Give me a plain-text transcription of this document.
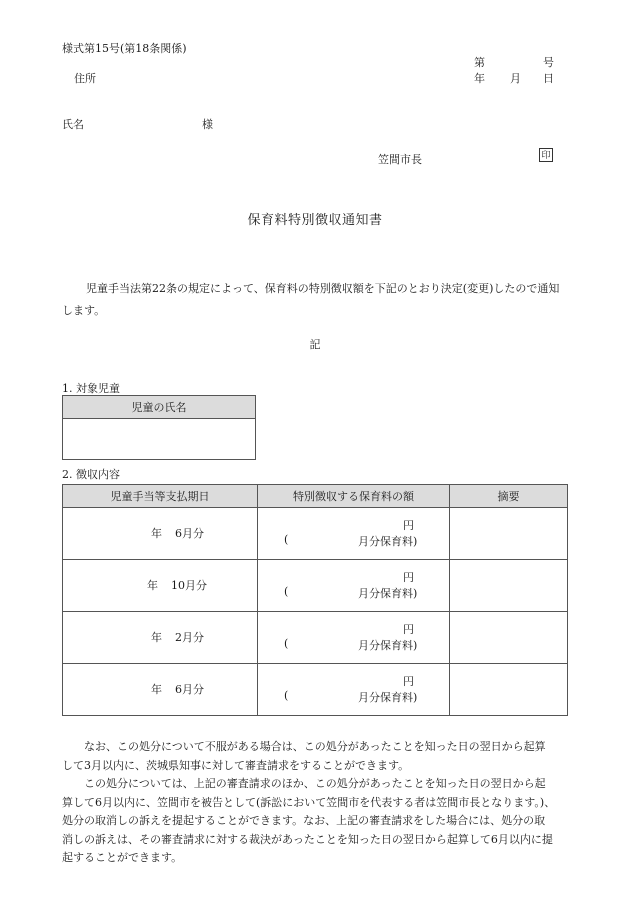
様式第15号(第18条関係)
第	号
年 月 日
住所
氏名	様
笠間市長	印
保育料特別徴収通知書
児童手当法第22条の規定によって、保育料の特別徴収額を下記のとおり決定(変更)したので通知します。
記
1. 対象児童
児童の氏名

2. 徴収内容
児童手当等支払期日	特別徴収する保育料の額	摘要

年 6月分	円
( 月分保育料)	

年 10月分	円
( 月分保育料)	

年 2月分	円
( 月分保育料)	

年 6月分	円
( 月分保育料)	

なお、この処分について不服がある場合は、この処分があったことを知った日の翌日から起算して3月以内に、茨城県知事に対して審査請求をすることができます。

この処分については、上記の審査請求のほか、この処分があったことを知った日の翌日から起算して6月以内に、笠間市を被告として(訴訟において笠間市を代表する者は笠間市長となります。)、処分の取消しの訴えを提起することができます。なお、上記の審査請求をした場合には、処分の取消しの訴えは、その審査請求に対する裁決があったことを知った日の翌日から起算して6月以内に提起することができます。
